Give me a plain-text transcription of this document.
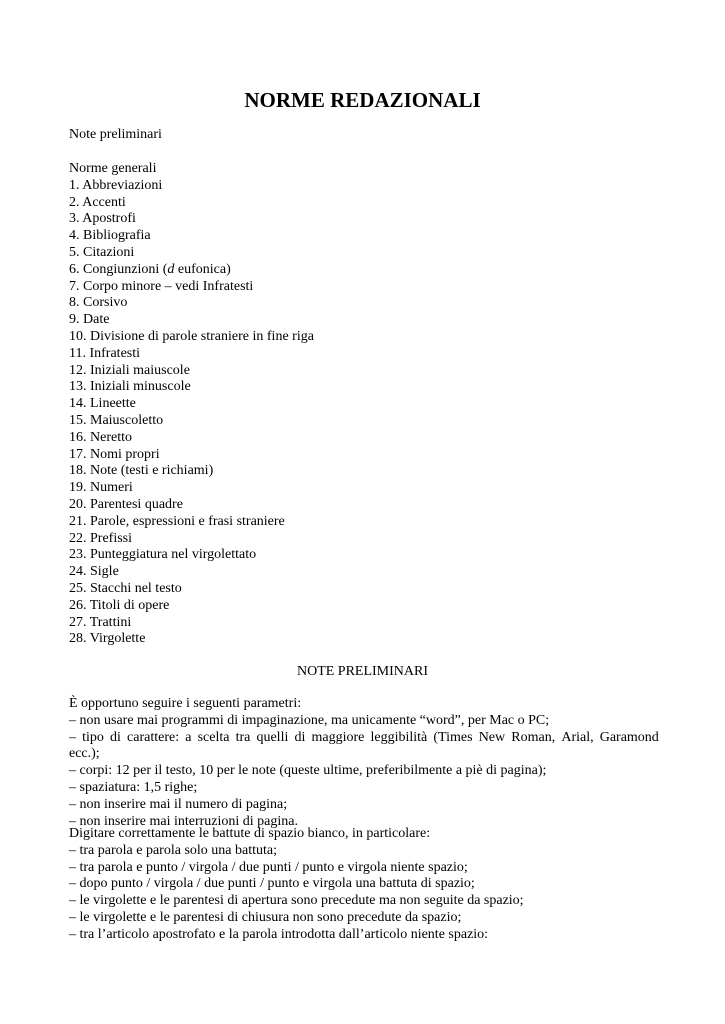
NORME REDAZIONALI
Note preliminari
Norme generali
1. Abbreviazioni
2. Accenti
3. Apostrofi
4. Bibliografia
5. Citazioni
6. Congiunzioni (d eufonica)
7. Corpo minore – vedi Infratesti
8. Corsivo
9. Date
10. Divisione di parole straniere in fine riga
11. Infratesti
12. Iniziali maiuscole
13. Iniziali minuscole
14. Lineette
15. Maiuscoletto
16. Neretto
17. Nomi propri
18. Note (testi e richiami)
19. Numeri
20. Parentesi quadre
21. Parole, espressioni e frasi straniere
22. Prefissi
23. Punteggiatura nel virgolettato
24. Sigle
25. Stacchi nel testo
26. Titoli di opere
27. Trattini
28. Virgolette
NOTE PRELIMINARI
È opportuno seguire i seguenti parametri:
– non usare mai programmi di impaginazione, ma unicamente “word”, per Mac o PC;
– tipo di carattere: a scelta tra quelli di maggiore leggibilità (Times New Roman, Arial, Garamond
ecc.);
– corpi: 12 per il testo, 10 per le note (queste ultime, preferibilmente a piè di pagina);
– spaziatura: 1,5 righe;
– non inserire mai il numero di pagina;
– non inserire mai interruzioni di pagina.
Digitare correttamente le battute di spazio bianco, in particolare:
– tra parola e parola solo una battuta;
– tra parola e punto / virgola / due punti / punto e virgola niente spazio;
– dopo punto / virgola / due punti / punto e virgola una battuta di spazio;
– le virgolette e le parentesi di apertura sono precedute ma non seguite da spazio;
– le virgolette e le parentesi di chiusura non sono precedute da spazio;
– tra l’articolo apostrofato e la parola introdotta dall’articolo niente spazio:
